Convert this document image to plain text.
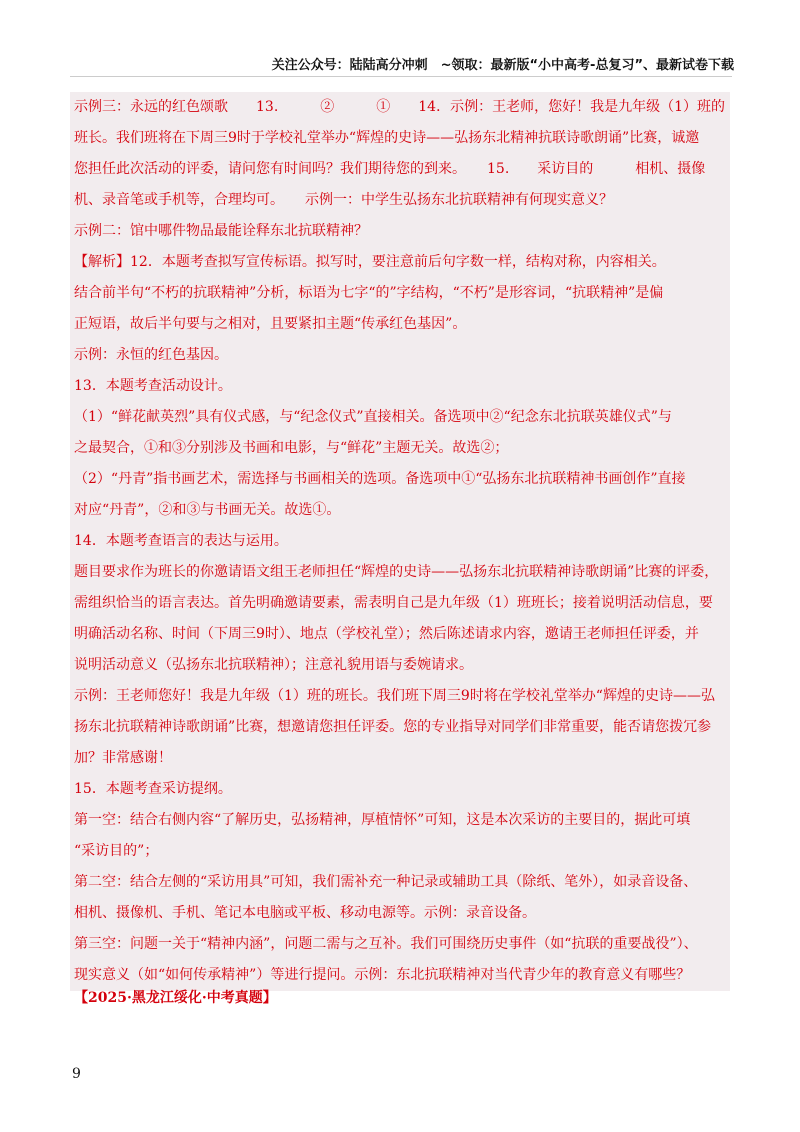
关注公众号：陆陆高分冲刺　~领取：最新版“小中高考-总复习”、最新试卷下载
示例三：永远的红色颂歌　　13.　　　②　　　①　　14．示例：王老师，您好！我是九年级（1）班的
班长。我们班将在下周三9时于学校礼堂举办“辉煌的史诗——弘扬东北精神抗联诗歌朗诵”比赛，诚邀
您担任此次活动的评委，请问您有时间吗？我们期待您的到来。　　15.　　采访目的　　　相机、摄像
机、录音笔或手机等，合理均可。　　示例一：中学生弘扬东北抗联精神有何现实意义？
示例二：馆中哪件物品最能诠释东北抗联精神？
【解析】12．本题考查拟写宣传标语。拟写时，要注意前后句字数一样，结构对称，内容相关。
结合前半句“不朽的抗联精神”分析，标语为七字“的”字结构，“不朽”是形容词，“抗联精神”是偏
正短语，故后半句要与之相对，且要紧扣主题“传承红色基因”。
示例：永恒的红色基因。
13．本题考查活动设计。
（1）“鲜花献英烈”具有仪式感，与“纪念仪式”直接相关。备选项中②“纪念东北抗联英雄仪式”与
之最契合，①和③分别涉及书画和电影，与“鲜花”主题无关。故选②；
（2）“丹青”指书画艺术，需选择与书画相关的选项。备选项中①“弘扬东北抗联精神书画创作”直接
对应“丹青”，②和③与书画无关。故选①。
14．本题考查语言的表达与运用。
题目要求作为班长的你邀请语文组王老师担任“辉煌的史诗——弘扬东北抗联精神诗歌朗诵”比赛的评委，
需组织恰当的语言表达。首先明确邀请要素，需表明自己是九年级（1）班班长；接着说明活动信息，要
明确活动名称、时间（下周三9时）、地点（学校礼堂）；然后陈述请求内容，邀请王老师担任评委，并
说明活动意义（弘扬东北抗联精神）；注意礼貌用语与委婉请求。
示例：王老师您好！我是九年级（1）班的班长。我们班下周三9时将在学校礼堂举办“辉煌的史诗——弘
扬东北抗联精神诗歌朗诵”比赛，想邀请您担任评委。您的专业指导对同学们非常重要，能否请您拨冗参
加？非常感谢！
15．本题考查采访提纲。
第一空：结合右侧内容“了解历史，弘扬精神，厚植情怀”可知，这是本次采访的主要目的，据此可填
“采访目的”；
第二空：结合左侧的“采访用具”可知，我们需补充一种记录或辅助工具（除纸、笔外），如录音设备、
相机、摄像机、手机、笔记本电脑或平板、移动电源等。示例：录音设备。
第三空：问题一关于“精神内涵”，问题二需与之互补。我们可围绕历史事件（如“抗联的重要战役”）、
现实意义（如“如何传承精神”）等进行提问。示例：东北抗联精神对当代青少年的教育意义有哪些？
【2025·黑龙江绥化·中考真题】
9
